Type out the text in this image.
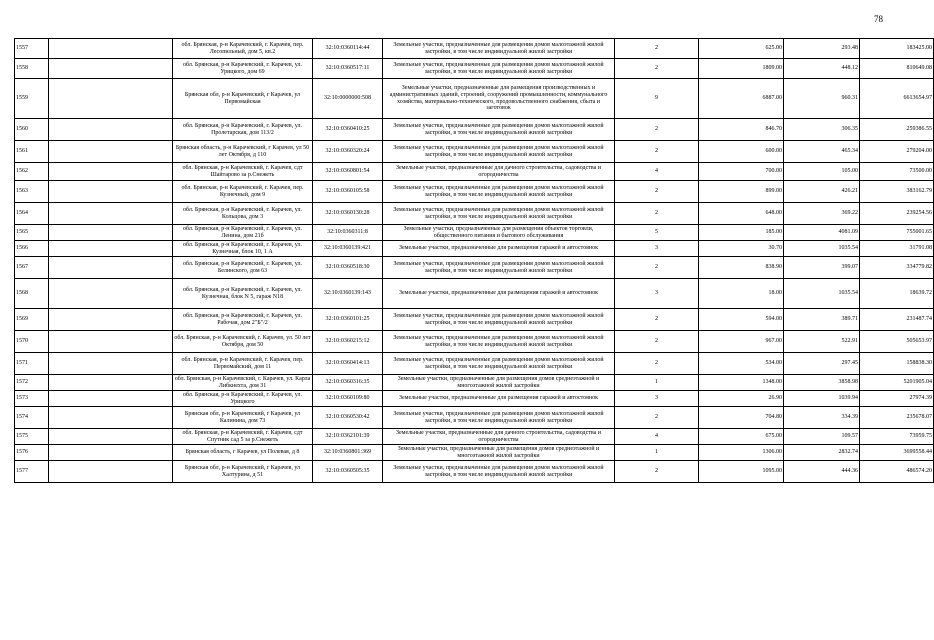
78
1557		обл. Брянская, р-н Карачевский, г. Карачев, пер. Лесопильный, дом 5, кв.2	32:10:0360114:44	Земельные участки, предназначенные для размещения домов малоэтажной жилой застройки, в том числе индивидуальной жилой застройки	2	625.00	293.48	183425.00
1558		обл. Брянская, р-н Карачевский, г. Карачев, ул. Урицкого, дом 69	32:10:0360517:11	Земельные участки, предназначенные для размещения домов малоэтажной жилой застройки, в том числе индивидуальной жилой застройки	2	1809.00	448.12	810649.08
1559		Брянская обл, р-н Карачевский, г Карачев, ул Первомайская	32:10:0000000:508	Земельные участки, предназначенные для размещения производственных и административных зданий, строений, сооружений промышленности, коммунального хозяйства, материально-технического, продовольственного снабжения, сбыта и заготовок	9	6887.00	960.31	6613654.97
1560		обл. Брянская, р-н Карачевский, г. Карачев, ул. Пролетарская, дом 113/2	32:10:0360410:25	Земельные участки, предназначенные для размещения домов малоэтажной жилой застройки, в том числе индивидуальной жилой застройки	2	846.70	306.35	259386.55
1561		Брянская область, р-н Карачевский, г Карачев, ул 50 лет Октября, д 110	32:10:0360320:24	Земельные участки, предназначенные для размещения домов малоэтажной жилой застройки, в том числе индивидуальной жилой застройки	2	600.00	465.34	279204.00
1562		обл. Брянская, р-н Карачевский, г. Карачев, сдт Шайтарово за р.Снежеть	32:10:0360801:54	Земельные участки, предназначенные для дачного строительства, садоводства и огородничества	4	700.00	105.00	73500.00
1563		обл. Брянская, р-н Карачевский, г. Карачев, пер. Кузнечный, дом 9	32:10:0360105:58	Земельные участки, предназначенные для размещения домов малоэтажной жилой застройки, в том числе индивидуальной жилой застройки	2	899.00	426.21	383162.79
1564		обл. Брянская, р-н Карачевский, г. Карачев, ул. Кольцова, дом 3	32:10:0360130:28	Земельные участки, предназначенные для размещения домов малоэтажной жилой застройки, в том числе индивидуальной жилой застройки	2	648.00	369.22	239254.56
1565		обл. Брянская, р-н Карачевский, г. Карачев, ул. Ленина, дом 21б	32:10:0360311:8	Земельные участки, предназначенные для размещения объектов торговли, общественного питания и бытового обслуживания	5	185.00	4081.09	755001.65
1566		обл. Брянская, р-н Карачевский, г. Карачев, ул. Кузнечная, блок 10, 1 А	32:10:0360139:421	Земельные участки, предназначенные для размещения гаражей и автостоянок	3	30.70	1035.54	31791.08
1567		обл. Брянская, р-н Карачевский, г. Карачев, ул. Белинского, дом 63	32:10:0360518:30	Земельные участки, предназначенные для размещения домов малоэтажной жилой застройки, в том числе индивидуальной жилой застройки	2	838.90	399.07	334779.82
1568		обл. Брянская, р-н Карачевский, г. Карачев, ул. Кузнечная, блок N 5, гараж N18	32:10:0360139:143	Земельные участки, предназначенные для размещения гаражей и автостоянок	3	18.00	1035.54	18639.72
1569		обл. Брянская, р-н Карачевский, г. Карачев, ул. Рабочая, дом 2"Б"/2	32:10:0360101:25	Земельные участки, предназначенные для размещения домов малоэтажной жилой застройки, в том числе индивидуальной жилой застройки	2	594.00	389.71	231487.74
1570		обл. Брянская, р-н Карачевский, г. Карачев, ул. 50 лет Октября, дом 50	32:10:0360215:12	Земельные участки, предназначенные для размещения домов малоэтажной жилой застройки, в том числе индивидуальной жилой застройки	2	967.00	522.91	505653.97
1571		обл. Брянская, р-н Карачевский, г. Карачев, пер. Первомайский, дом 11	32:10:0360414:13	Земельные участки, предназначенные для размещения домов малоэтажной жилой застройки, в том числе индивидуальной жилой застройки	2	534.00	297.45	158838.30
1572		обл. Брянская, р-н Карачевский, г. Карачев, ул. Карла Либкнехта, дом 31	32:10:0360316:35	Земельные участки, предназначенные для размещения домов среднеэтажной и многоэтажной жилой застройки	1	1348.00	3858.98	5201905.04
1573		обл. Брянская, р-н Карачевский, г. Карачев, ул. Урицкого	32:10:0360109:80	Земельные участки, предназначенные для размещения гаражей и автостоянок	3	26.90	1039.94	27974.39
1574		Брянская обл, р-н Карачевский, г Карачев, ул Калинина, дом 73	32:10:0360530:42	Земельные участки, предназначенные для размещения домов малоэтажной жилой застройки, в том числе индивидуальной жилой застройки	2	704.80	334.39	235678.07
1575		обл. Брянская, р-н Карачевский, г. Карачев, сдт Спутник сад 5 за р.Снежеть	32:10:0362101:39	Земельные участки, предназначенные для дачного строительства, садоводства и огородничества	4	675.00	109.57	73959.75
1576		Брянская область, г Карачев, ул Полевая, д 8	32:10:0360801:369	Земельные участки, предназначенные для размещения домов среднеэтажной и многоэтажной жилой застройки	1	1306.00	2832.74	3699558.44
1577		Брянская обл, р-н Карачевский, г Карачев, ул Халтурина, д 51	32:10:0360505:35	Земельные участки, предназначенные для размещения домов малоэтажной жилой застройки, в том числе индивидуальной жилой застройки	2	1095.00	444.36	486574.20
